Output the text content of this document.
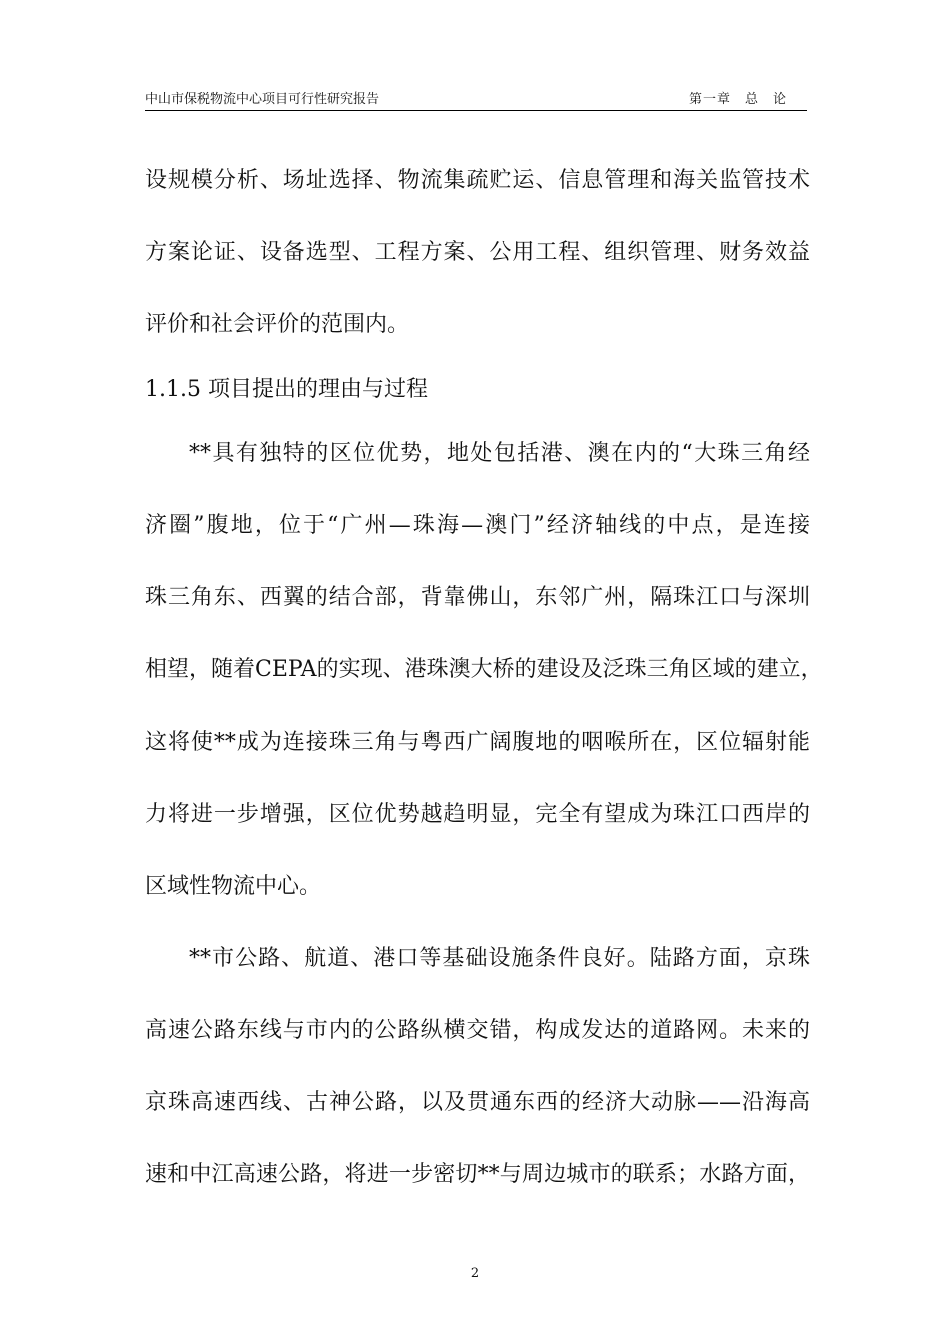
中山市保税物流中心项目可行性研究报告	第一章　总　论
设规模分析、场址选择、物流集疏贮运、信息管理和海关监管技术
方案论证、设备选型、工程方案、公用工程、组织管理、财务效益
评价和社会评价的范围内。
1.1.5 项目提出的理由与过程
**具有独特的区位优势，地处包括港、澳在内的“大珠三角经
济圈”腹地，位于“广州—珠海—澳门”经济轴线的中点，是连接
珠三角东、西翼的结合部，背靠佛山，东邻广州，隔珠江口与深圳
相望，随着CEPA的实现、港珠澳大桥的建设及泛珠三角区域的建立，
这将使**成为连接珠三角与粤西广阔腹地的咽喉所在，区位辐射能
力将进一步增强，区位优势越趋明显，完全有望成为珠江口西岸的
区域性物流中心。
**市公路、航道、港口等基础设施条件良好。陆路方面，京珠
高速公路东线与市内的公路纵横交错，构成发达的道路网。未来的
京珠高速西线、古神公路，以及贯通东西的经济大动脉——沿海高
速和中江高速公路，将进一步密切**与周边城市的联系；水路方面，
2
